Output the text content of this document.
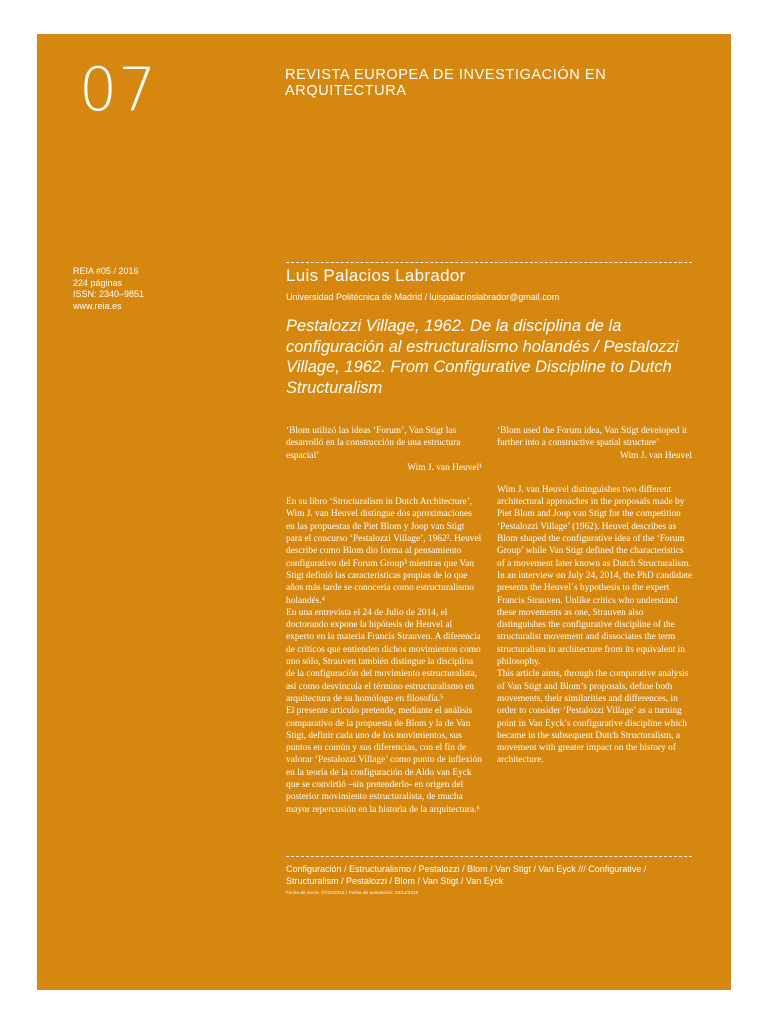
07	REVISTA EUROPEA DE INVESTIGACIÓN EN ARQUITECTURA
REIA #05 / 2016
224 páginas
ISSN: 2340–9851
www.reia.es
Luis Palacios Labrador
Universidad Politécnica de Madrid / luispalacioslabrador@gmail.com
Pestalozzi Village, 1962. De la disciplina de la configuración al estructuralismo holandés / Pestalozzi Village, 1962. From Configurative Discipline to Dutch Structuralism

‘Blom utilizó las ideas ‘Forum’, Van Stigt las desarrolló en la construcción de una estructura espacial’

Wim J. van Heuvel¹

En su libro ‘Structuralism in Dutch Architecture’, Wim J. van Heuvel distingue dos aproximaciones en las propuestas de Piet Blom y Joop van Stigt para el concurso ‘Pestalozzi Village’, 1962². Heuvel describe como Blom dio forma al pensamiento configurativo del Forum Group³ mientras que Van Stigt definió las características propias de lo que años más tarde se conocería como estructuralismo holandés.⁴

En una entrevista el 24 de Julio de 2014, el doctorando expone la hipótesis de Heuvel al experto en la materia Francis Strauven. A diferencia de críticos que entienden dichos movimientos como uno sólo, Strauven también distingue la disciplina de la configuración del movimiento estructuralista, así como desvincula el término estructuralismo en arquitectura de su homólogo en filosofía.⁵

El presente artículo pretende, mediante el análisis comparativo de la propuesta de Blom y la de Van Stigt, definir cada uno de los movimientos, sus puntos en común y sus diferencias, con el fin de valorar ‘Pestalozzi Village’ como punto de inflexión en la teoría de la configuración de Aldo van Eyck que se convirtió –sin pretenderlo- en origen del posterior movimiento estructuralista, de mucha mayor repercusión en la historia de la arquitectura.⁶

‘Blom used the Forum idea, Van Stigt developed it further into a constructive spatial structure’

Wim J. van Heuvel

Wim J. van Heuvel distinguishes two different architectural approaches in the proposals made by Piet Blom and Joop van Stigt for the competition ‘Pestalozzi Village’ (1962). Heuvel describes as Blom shaped the configurative idea of the ‘Forum Group’ while Van Stigt defined the characteristics of a movement later known as Dutch Structuralism.

In an interview on July 24, 2014, the PhD candidate presents the Heuvel´s hypothesis to the expert Francis Strauven. Unlike critics who understand these movements as one, Strauven also distinguishes the configurative discipline of the structuralist movement and dissociates the term structuralism in architecture from its equivalent in philosophy.

This article aims, through the comparative analysis of Van Stigt and Blom’s proposals, define both movements, their similarities and differences, in order to consider ‘Pestalozzi Village’ as a turning point in Van Eyck’s configurative discipline which became in the subsequent Dutch Structuralism, a movement with greater impact on the history of architecture.

Configuración / Estructuralismo / Pestalozzi / Blom / Van Stigt / Van Eyck /// Configurative / Structuralism / Pestalozzi / Blom / Van Stigt / Van Eyck
Fecha de envío: 07/10/2015 | Fecha de aceptación: 23/11/2015
